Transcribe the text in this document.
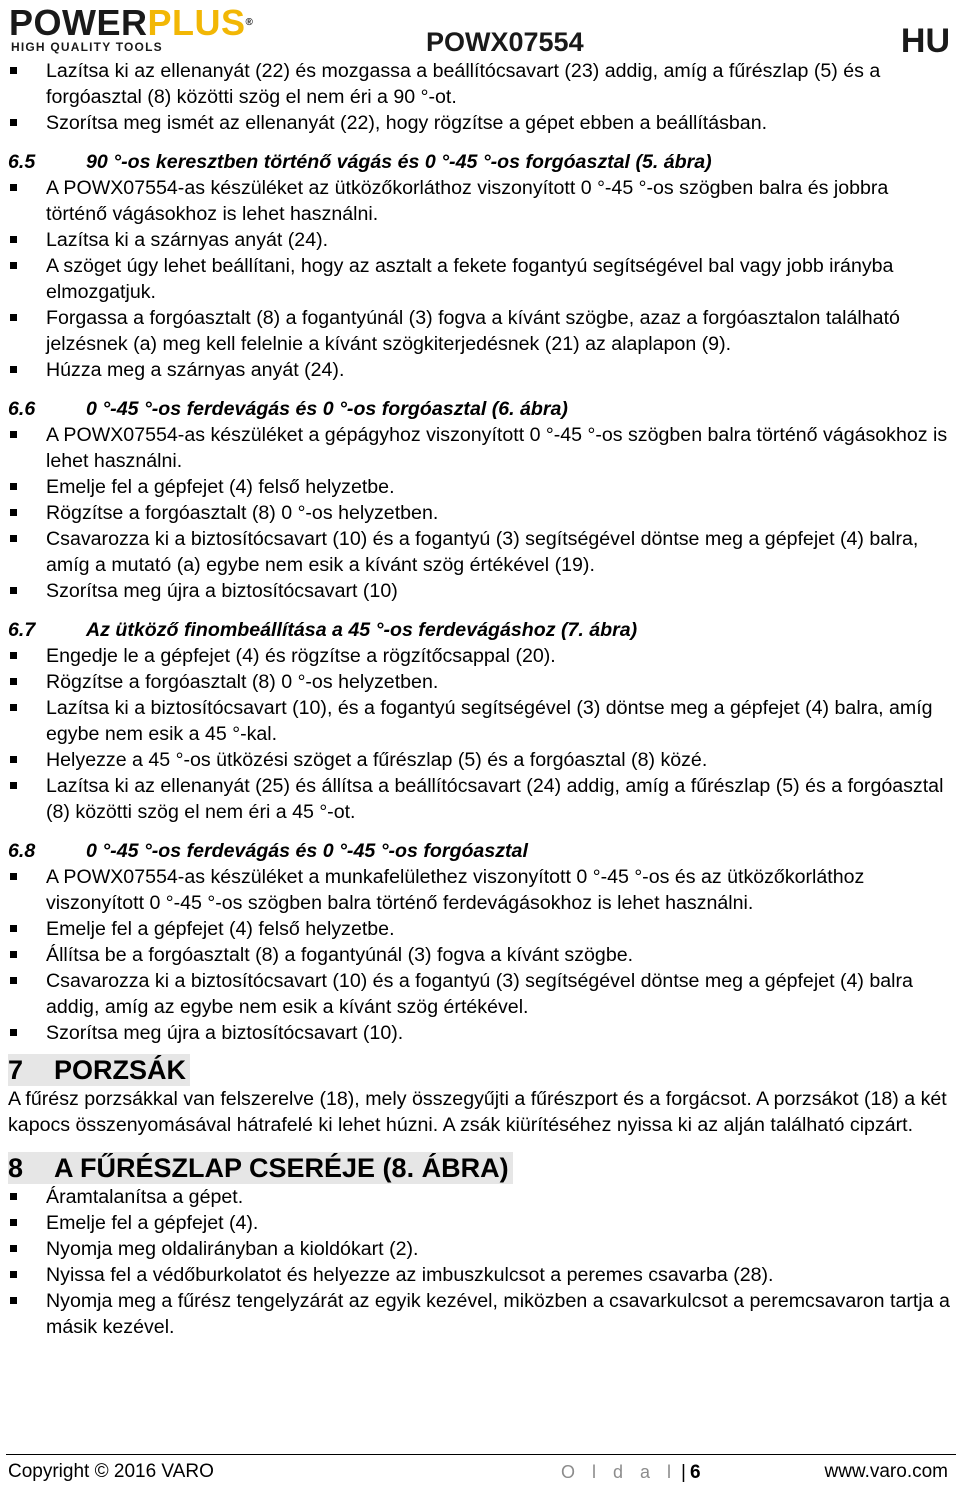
POWERPLUS®
HIGH QUALITY TOOLS	POWX07554	HU
Lazítsa ki az ellenanyát (22) és mozgassa a beállítócsavart (23) addig, amíg a fűrészlap (5) és a forgóasztal (8) közötti szög el nem éri a 90 °-ot.
Szorítsa meg ismét az ellenanyát (22), hogy rögzítse a gépet ebben a beállításban.
6.5	90 °-os keresztben történő vágás és 0 °-45 °-os forgóasztal (5. ábra)
A POWX07554-as készüléket az ütközőkorláthoz viszonyított 0 °-45 °-os szögben balra és jobbra történő vágásokhoz is lehet használni.
Lazítsa ki a szárnyas anyát (24).
A szöget úgy lehet beállítani, hogy az asztalt a fekete fogantyú segítségével bal vagy jobb irányba elmozgatjuk.
Forgassa a forgóasztalt (8) a fogantyúnál (3) fogva a kívánt szögbe, azaz a forgóasztalon található jelzésnek (a) meg kell felelnie a kívánt szögkiterjedésnek (21) az alaplapon (9).
Húzza meg a szárnyas anyát (24).
6.6	0 °-45 °-os ferdevágás és 0 °-os forgóasztal (6. ábra)
A POWX07554-as készüléket a gépágyhoz viszonyított 0 °-45 °-os szögben balra történő vágásokhoz is lehet használni.
Emelje fel a gépfejet (4) felső helyzetbe.
Rögzítse a forgóasztalt (8) 0 °-os helyzetben.
Csavarozza ki a biztosítócsavart (10) és a fogantyú (3) segítségével döntse meg a gépfejet (4) balra, amíg a mutató (a) egybe nem esik a kívánt szög értékével (19).
Szorítsa meg újra a biztosítócsavart (10)
6.7	Az ütköző finombeállítása a 45 °-os ferdevágáshoz (7. ábra)
Engedje le a gépfejet (4) és rögzítse a rögzítőcsappal (20).
Rögzítse a forgóasztalt (8) 0 °-os helyzetben.
Lazítsa ki a biztosítócsavart (10), és a fogantyú segítségével (3) döntse meg a gépfejet (4) balra, amíg egybe nem esik a 45 °-kal.
Helyezze a 45 °-os ütközési szöget a fűrészlap (5) és a forgóasztal (8) közé.
Lazítsa ki az ellenanyát (25) és állítsa a beállítócsavart (24) addig, amíg a fűrészlap (5) és a forgóasztal (8) közötti szög el nem éri a 45 °-ot.
6.8	0 °-45 °-os ferdevágás és 0 °-45 °-os forgóasztal
A POWX07554-as készüléket a munkafelülethez viszonyított 0 °-45 °-os és az ütközőkorláthoz viszonyított 0 °-45 °-os szögben balra történő ferdevágásokhoz is lehet használni.
Emelje fel a gépfejet (4) felső helyzetbe.
Állítsa be a forgóasztalt (8) a fogantyúnál (3) fogva a kívánt szögbe.
Csavarozza ki a biztosítócsavart (10) és a fogantyú (3) segítségével döntse meg a gépfejet (4) balra addig, amíg az egybe nem esik a kívánt szög értékével.
Szorítsa meg újra a biztosítócsavart (10).
7	PORZSÁK

A fűrész porzsákkal van felszerelve (18), mely összegyűjti a fűrészport és a forgácsot. A porzsákot (18) a két kapocs összenyomásával hátrafelé ki lehet húzni. A zsák kiürítéséhez nyissa ki az alján található cipzárt.

8	A FŰRÉSZLAP CSERÉJE (8. ÁBRA)
Áramtalanítsa a gépet.
Emelje fel a gépfejet (4).
Nyomja meg oldalirányban a kioldókart (2).
Nyissa fel a védőburkolatot és helyezze az imbuszkulcsot a peremes csavarba (28).
Nyomja meg a fűrész tengelyzárát az egyik kezével, miközben a csavarkulcsot a peremcsavaron tartja a másik kezével.
Copyright © 2016 VARO	O l d a l | 6	www.varo.com
